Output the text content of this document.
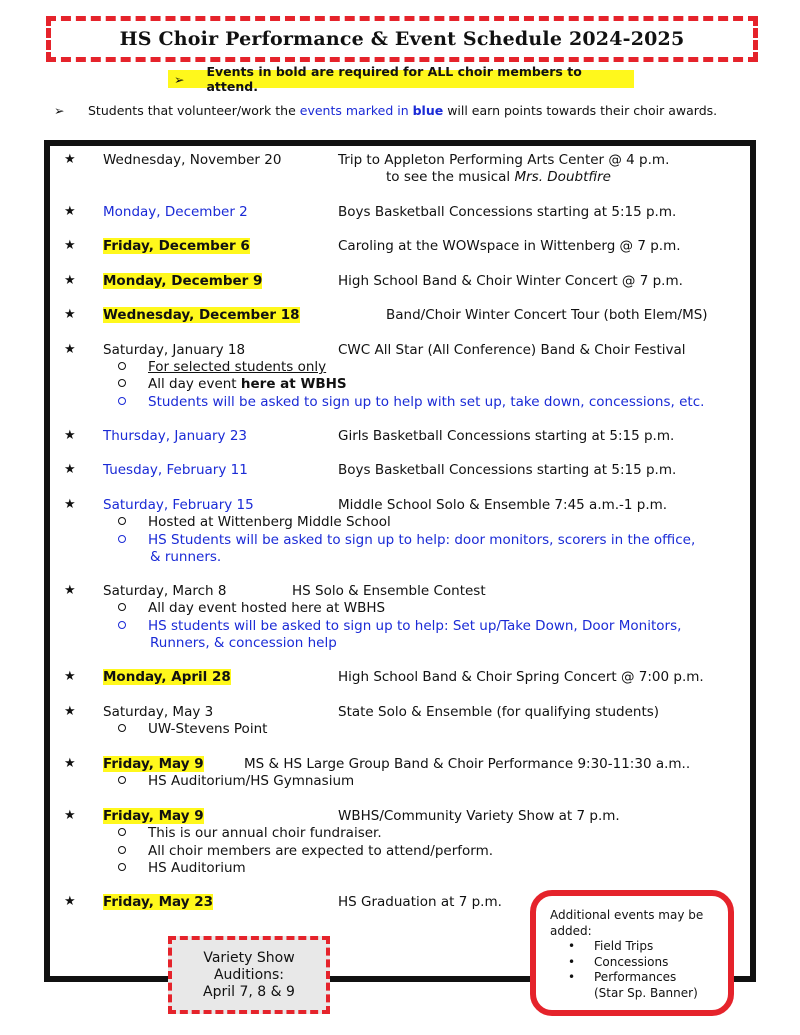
HS Choir Performance & Event Schedule 2024-2025
➢ Events in bold are required for ALL choir members to attend.
➢ Students that volunteer/work the events marked in blue will earn points towards their choir awards.
★ Wednesday, November 20	Trip to Appleton Performing Arts Center @ 4 p.m.
to see the musical Mrs. Doubtfire
★ Monday, December 2	Boys Basketball Concessions starting at 5:15 p.m.
★ Friday, December 6	Caroling at the WOWspace in Wittenberg @ 7 p.m.
★ Monday, December 9	High School Band & Choir Winter Concert @ 7 p.m.
★ Wednesday, December 18	Band/Choir Winter Concert Tour (both Elem/MS)
★ Saturday, January 18	CWC All Star (All Conference) Band & Choir Festival
For selected students only
All day event here at WBHS
Students will be asked to sign up to help with set up, take down, concessions, etc.
★ Thursday, January 23	Girls Basketball Concessions starting at 5:15 p.m.
★ Tuesday, February 11	Boys Basketball Concessions starting at 5:15 p.m.
★ Saturday, February 15	Middle School Solo & Ensemble 7:45 a.m.-1 p.m.
Hosted at Wittenberg Middle School
HS Students will be asked to sign up to help: door monitors, scorers in the office,
& runners.
★ Saturday, March 8	HS Solo & Ensemble Contest
All day event hosted here at WBHS
HS students will be asked to sign up to help: Set up/Take Down, Door Monitors,
Runners, & concession help
★ Monday, April 28	High School Band & Choir Spring Concert @ 7:00 p.m.
★ Saturday, May 3	State Solo & Ensemble (for qualifying students)
UW-Stevens Point
★ Friday, May 9	MS & HS Large Group Band & Choir Performance 9:30-11:30 a.m..
HS Auditorium/HS Gymnasium
★ Friday, May 9	WBHS/Community Variety Show at 7 p.m.
This is our annual choir fundraiser.
All choir members are expected to attend/perform.
HS Auditorium
★ Friday, May 23	HS Graduation at 7 p.m.
Variety Show
Auditions:
April 7, 8 & 9
Additional events may be
added:
• Field Trips
• Concessions
• Performances
(Star Sp. Banner)
